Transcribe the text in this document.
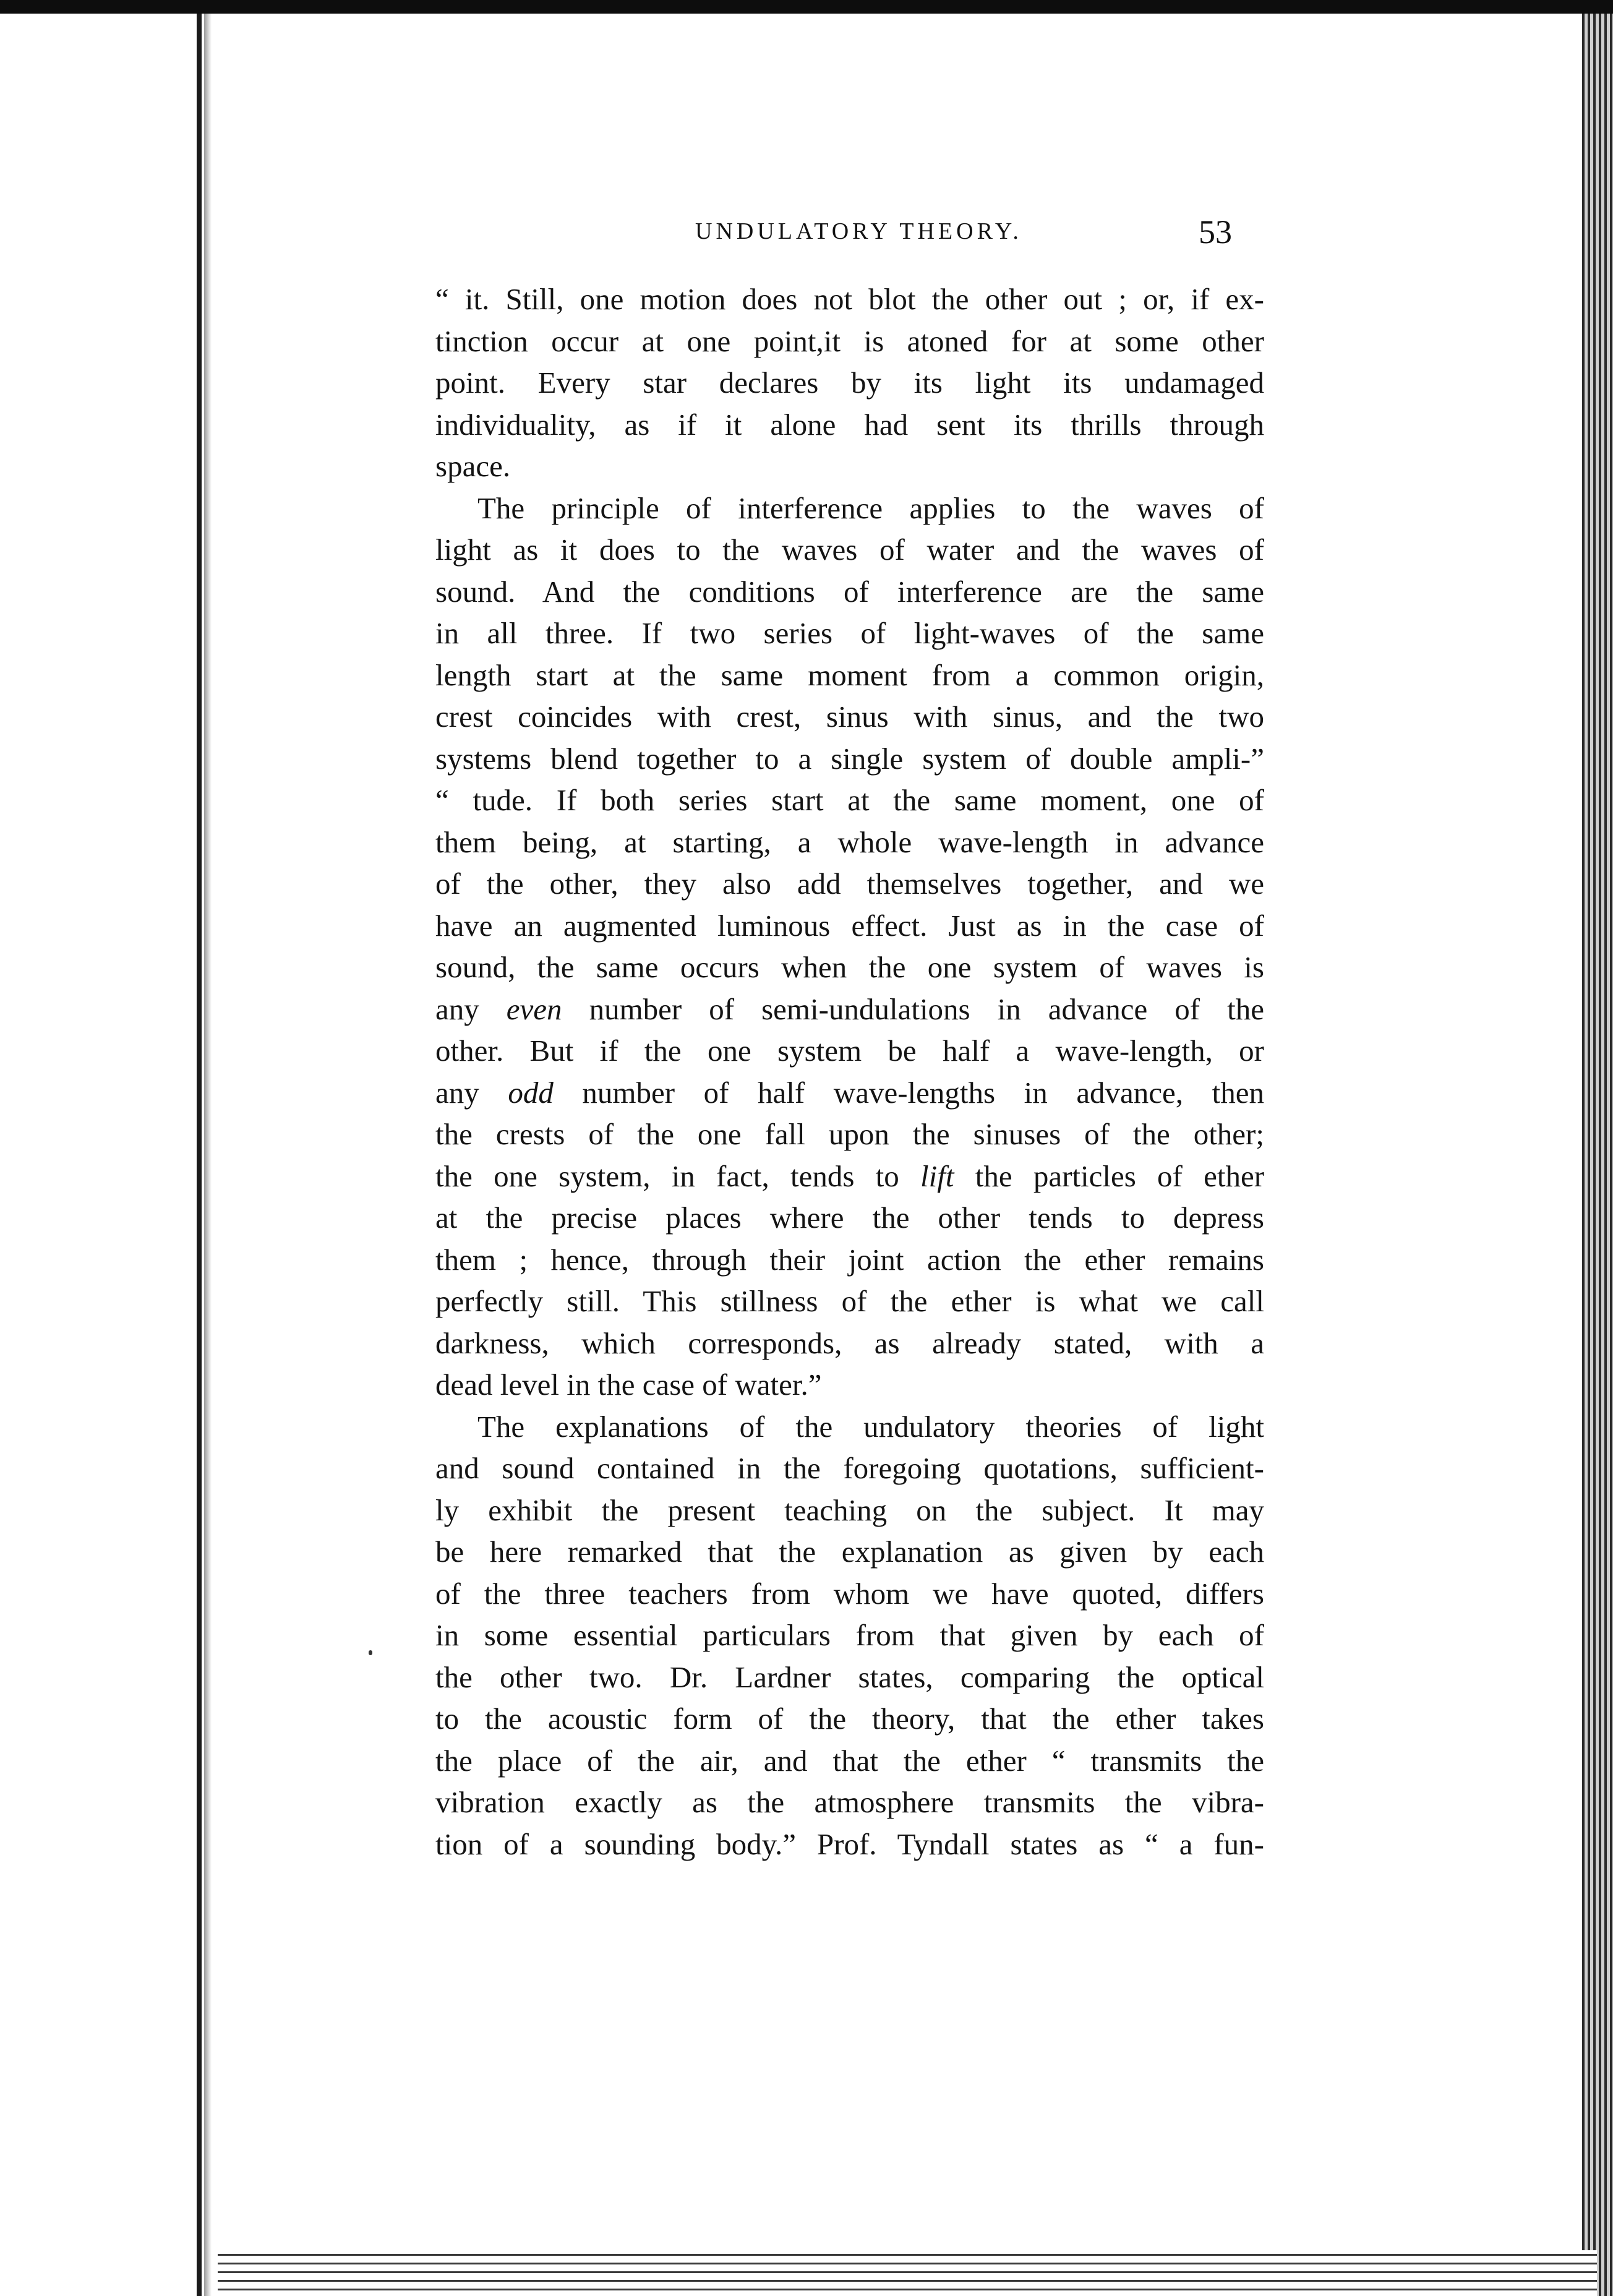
UNDULATORY THEORY.	53
“ it. Still, one motion does not blot the other out ; or, if ex-
tinction occur at one point,it is atoned for at some other
point. Every star declares by its light its undamaged
individuality, as if it alone had sent its thrills through
space.
The principle of interference applies to the waves of
light as it does to the waves of water and the waves of
sound. And the conditions of interference are the same
in all three. If two series of light-waves of the same
length start at the same moment from a common origin,
crest coincides with crest, sinus with sinus, and the two
systems blend together to a single system of double ampli-”
“ tude. If both series start at the same moment, one of
them being, at starting, a whole wave-length in advance
of the other, they also add themselves together, and we
have an augmented luminous effect. Just as in the case of
sound, the same occurs when the one system of waves is
any even number of semi-undulations in advance of the
other. But if the one system be half a wave-length, or
any odd number of half wave-lengths in advance, then
the crests of the one fall upon the sinuses of the other;
the one system, in fact, tends to lift the particles of ether
at the precise places where the other tends to depress
them ; hence, through their joint action the ether remains
perfectly still. This stillness of the ether is what we call
darkness, which corresponds, as already stated, with a
dead level in the case of water.”
The explanations of the undulatory theories of light
and sound contained in the foregoing quotations, sufficient-
ly exhibit the present teaching on the subject. It may
be here remarked that the explanation as given by each
of the three teachers from whom we have quoted, differs
in some essential particulars from that given by each of
the other two. Dr. Lardner states, comparing the optical
to the acoustic form of the theory, that the ether takes
the place of the air, and that the ether “ transmits the
vibration exactly as the atmosphere transmits the vibra-
tion of a sounding body.” Prof. Tyndall states as “ a fun-
